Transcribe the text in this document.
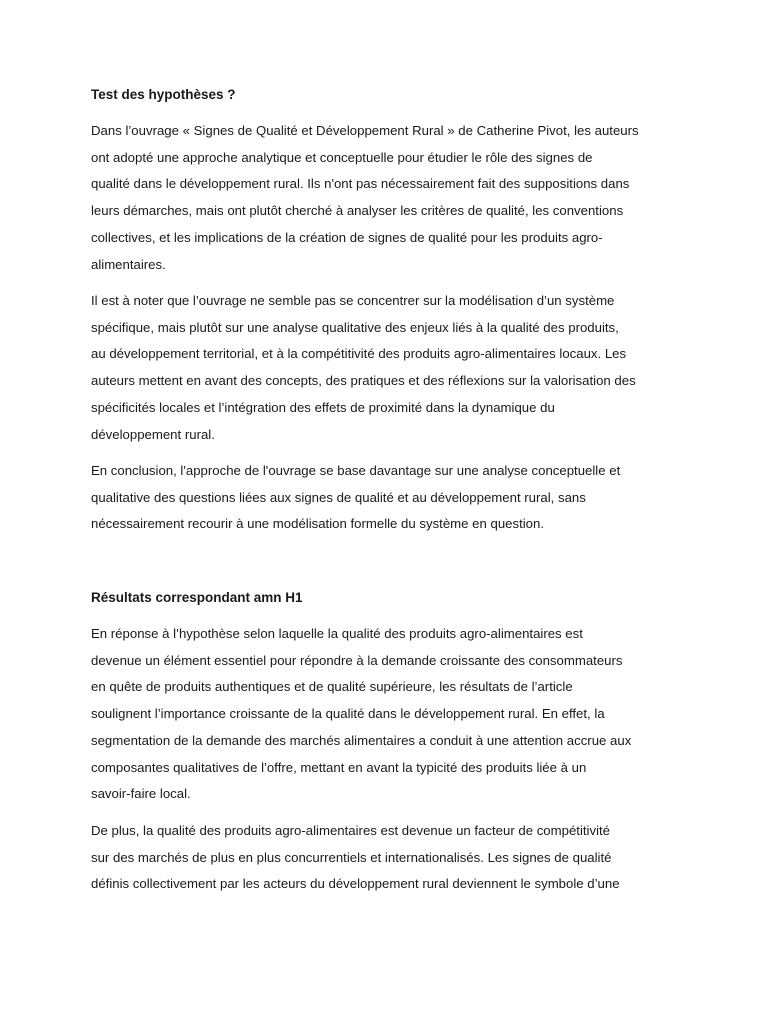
Test des hypothèses ?

Dans l’ouvrage « Signes de Qualité et Développement Rural » de Catherine Pivot, les auteurs
ont adopté une approche analytique et conceptuelle pour étudier le rôle des signes de
qualité dans le développement rural. Ils n'ont pas nécessairement fait des suppositions dans
leurs démarches, mais ont plutôt cherché à analyser les critères de qualité, les conventions
collectives, et les implications de la création de signes de qualité pour les produits agro-
alimentaires.

Il est à noter que l’ouvrage ne semble pas se concentrer sur la modélisation d’un système
spécifique, mais plutôt sur une analyse qualitative des enjeux liés à la qualité des produits,
au développement territorial, et à la compétitivité des produits agro-alimentaires locaux. Les
auteurs mettent en avant des concepts, des pratiques et des réflexions sur la valorisation des
spécificités locales et l’intégration des effets de proximité dans la dynamique du
développement rural.

En conclusion, l'approche de l'ouvrage se base davantage sur une analyse conceptuelle et
qualitative des questions liées aux signes de qualité et au développement rural, sans
nécessairement recourir à une modélisation formelle du système en question.

Résultats correspondant amn H1

En réponse à l’hypothèse selon laquelle la qualité des produits agro-alimentaires est
devenue un élément essentiel pour répondre à la demande croissante des consommateurs
en quête de produits authentiques et de qualité supérieure, les résultats de l’article
soulignent l’importance croissante de la qualité dans le développement rural. En effet, la
segmentation de la demande des marchés alimentaires a conduit à une attention accrue aux
composantes qualitatives de l’offre, mettant en avant la typicité des produits liée à un
savoir-faire local.

De plus, la qualité des produits agro-alimentaires est devenue un facteur de compétitivité
sur des marchés de plus en plus concurrentiels et internationalisés. Les signes de qualité
définis collectivement par les acteurs du développement rural deviennent le symbole d’une
